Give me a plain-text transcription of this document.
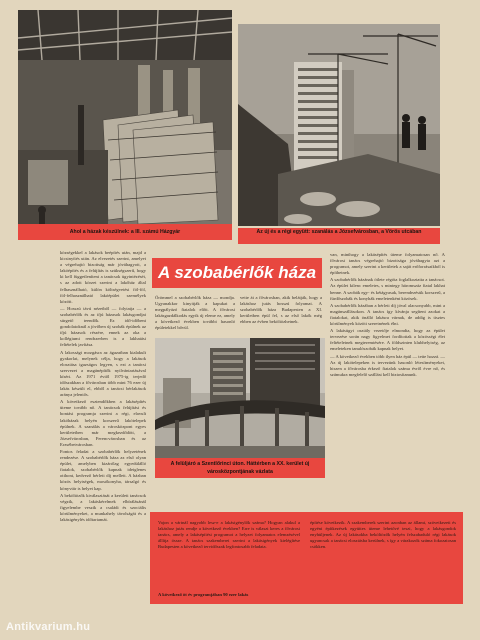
Ahol a házak készülnek: a III. számú Házgyár	Az új és a régi együtt: szanálás a Józsefvárosban, a Vörös utcában
A szobabérlők háza

községekkel a lakások beépítés után, majd a kicsinyítés után. Az elvezetés szerint, amelyet a végrehajtó bizottság már jóváhagyott, a lakóépítés és a felújítás is szükségszerű, hogy ki kell függetleníteni a tanácsok ügyintézését, s az adott körzet szerint a lakóház által felhasználható, külön költségvetési föl-föl, föl-felhasználható lakóépület személyek között.

— Hosszú távú nézetből — folytatja — a szobabérlők és az ifjú házasok lakásgondjai sürgető teendők. Ez idő-időbeni gondolatoknál a jövőben új szobák épülnek az ifjú házasok részére, ennek az oka a kollégiumi rendszerben is a lakhatási feltételek javítása.

A lakossági mozgásra az ágazatban kialakult gyakorlat, melynek célja, hogy a lakások elosztása igazságos legyen, s ezt a tanácsi szervezet a magánépítők nyilvántartásával kíséri. Az 1971 évtől 1975-ig terjedő időszakban a fővárosban több mint 76 ezer új lakás készült el, ebből a tanácsi bérlakások aránya jelentős.

A következő esztendőkben a lakásépítés üteme tovább nő. A tanácsok felújítási és bontási programja szerint a régi, elavult lakóházak helyén korszerű lakótelepek épülnek. A szanálás a városközpont egyes kerületeiben már megkezdődött, a Józsefvárosban, Ferencvárosban és az Erzsébetvárosban.

Fontos feladat a szobabérlők helyzetének rendezése. A szobabérlők háza az első olyan épület, amelyben kizárólag egyedülálló fiatalok, szobabérlők kapnak ideiglenes otthont, kedvező bérleti díj mellett. A házban közös helyiségek, mosókonyha, társalgó és könyvtár is helyet kap.

A beköltözők kiválasztását a kerületi tanácsok végzik, a lakáskérelmek elbírálásánál figyelembe veszik a családi és szociális körülményeket, a munkahely távolságát és a lakásigénylés időtartamát.

Örömmel a szobabérlők háza — mondja. Ugyanakkor kinyitják a kapukat a megpályázó fiatalok előtt. A fővárosi lakásgazdálkodás egyik új eleme ez, amely a következő években további hasonló épületekkel bővül.

vette át a fővárosban, akik belátják, hogy a lakáshoz jutás hosszú folyamat. A szobabérlők háza Budapesten a XI. kerületben épül fel, s az első lakók még ebben az évben beköltözhetnek.

A felüljáró a Szentlőrinci úton. Háttérben a XX. kerület új városközpontjának vázlata

van, minthogy a lakásépítés üteme folyamatosan nő. A fővárosi tanács végrehajtó bizottsága jóváhagyta azt a programot, amely szerint a kerületek a saját erőforrásaikból is építhetnek.

A szobabérlők házának ötlete régóta foglalkoztatta a tanácsot. Az épület kilenc emeletes, s mintegy háromszáz fiatal lakhat benne. A szobák egy- és kétágyasak, berendezésük korszerű, a fürdőszobák és konyhák emeletenként közösek.

A szobabérlők házában a bérleti díj jóval alacsonyabb, mint a magánszállásokon. A tanács így kívánja segíteni azokat a fiatalokat, akik önálló lakásra várnak, de addig is tisztes körülmények között szeretnének élni.

A lakásügyi osztály vezetője elmondta, hogy az épület tervezése során nagy figyelmet fordítottak a közösségi élet feltételeinek megteremtésére. A földszinten klubhelyiség, az emeleteken tanulószobák kapnak helyet.

— A következő években több ilyen ház épül — tette hozzá. — Az új lakótelepeken is tervezünk hasonló létesítményeket, hiszen a fővárosba érkező fiatalok száma évről évre nő, és számukra megfelelő szállást kell biztosítanunk.

Vajon a vártnál nagyobb lesz-e a lakásigénylők száma? Hogyan alakul a lakáshoz jutás rendje a következő években? Erre is választ keres a fővárosi tanács, amely a lakásépítési programot a helyzet folyamatos elemzésével állítja össze. A tanács szakemberei szerint a lakásigények kielégítése Budapesten a következő tervidőszak legfontosabb feladata.

építése következik. A szakemberek szerint azonban az állami, szövetkezeti és egyéni építkezések együttes üteme lehetővé teszi, hogy a lakásgondok enyhüljenek. Az új lakásokba beköltözők helyén felszabaduló régi lakások ugyancsak a tanácsi elosztásba kerülnek, s így a várakozók száma fokozatosan csökken.

A következő öt év programjában 90 ezer lakás
Antikvarium.hu
